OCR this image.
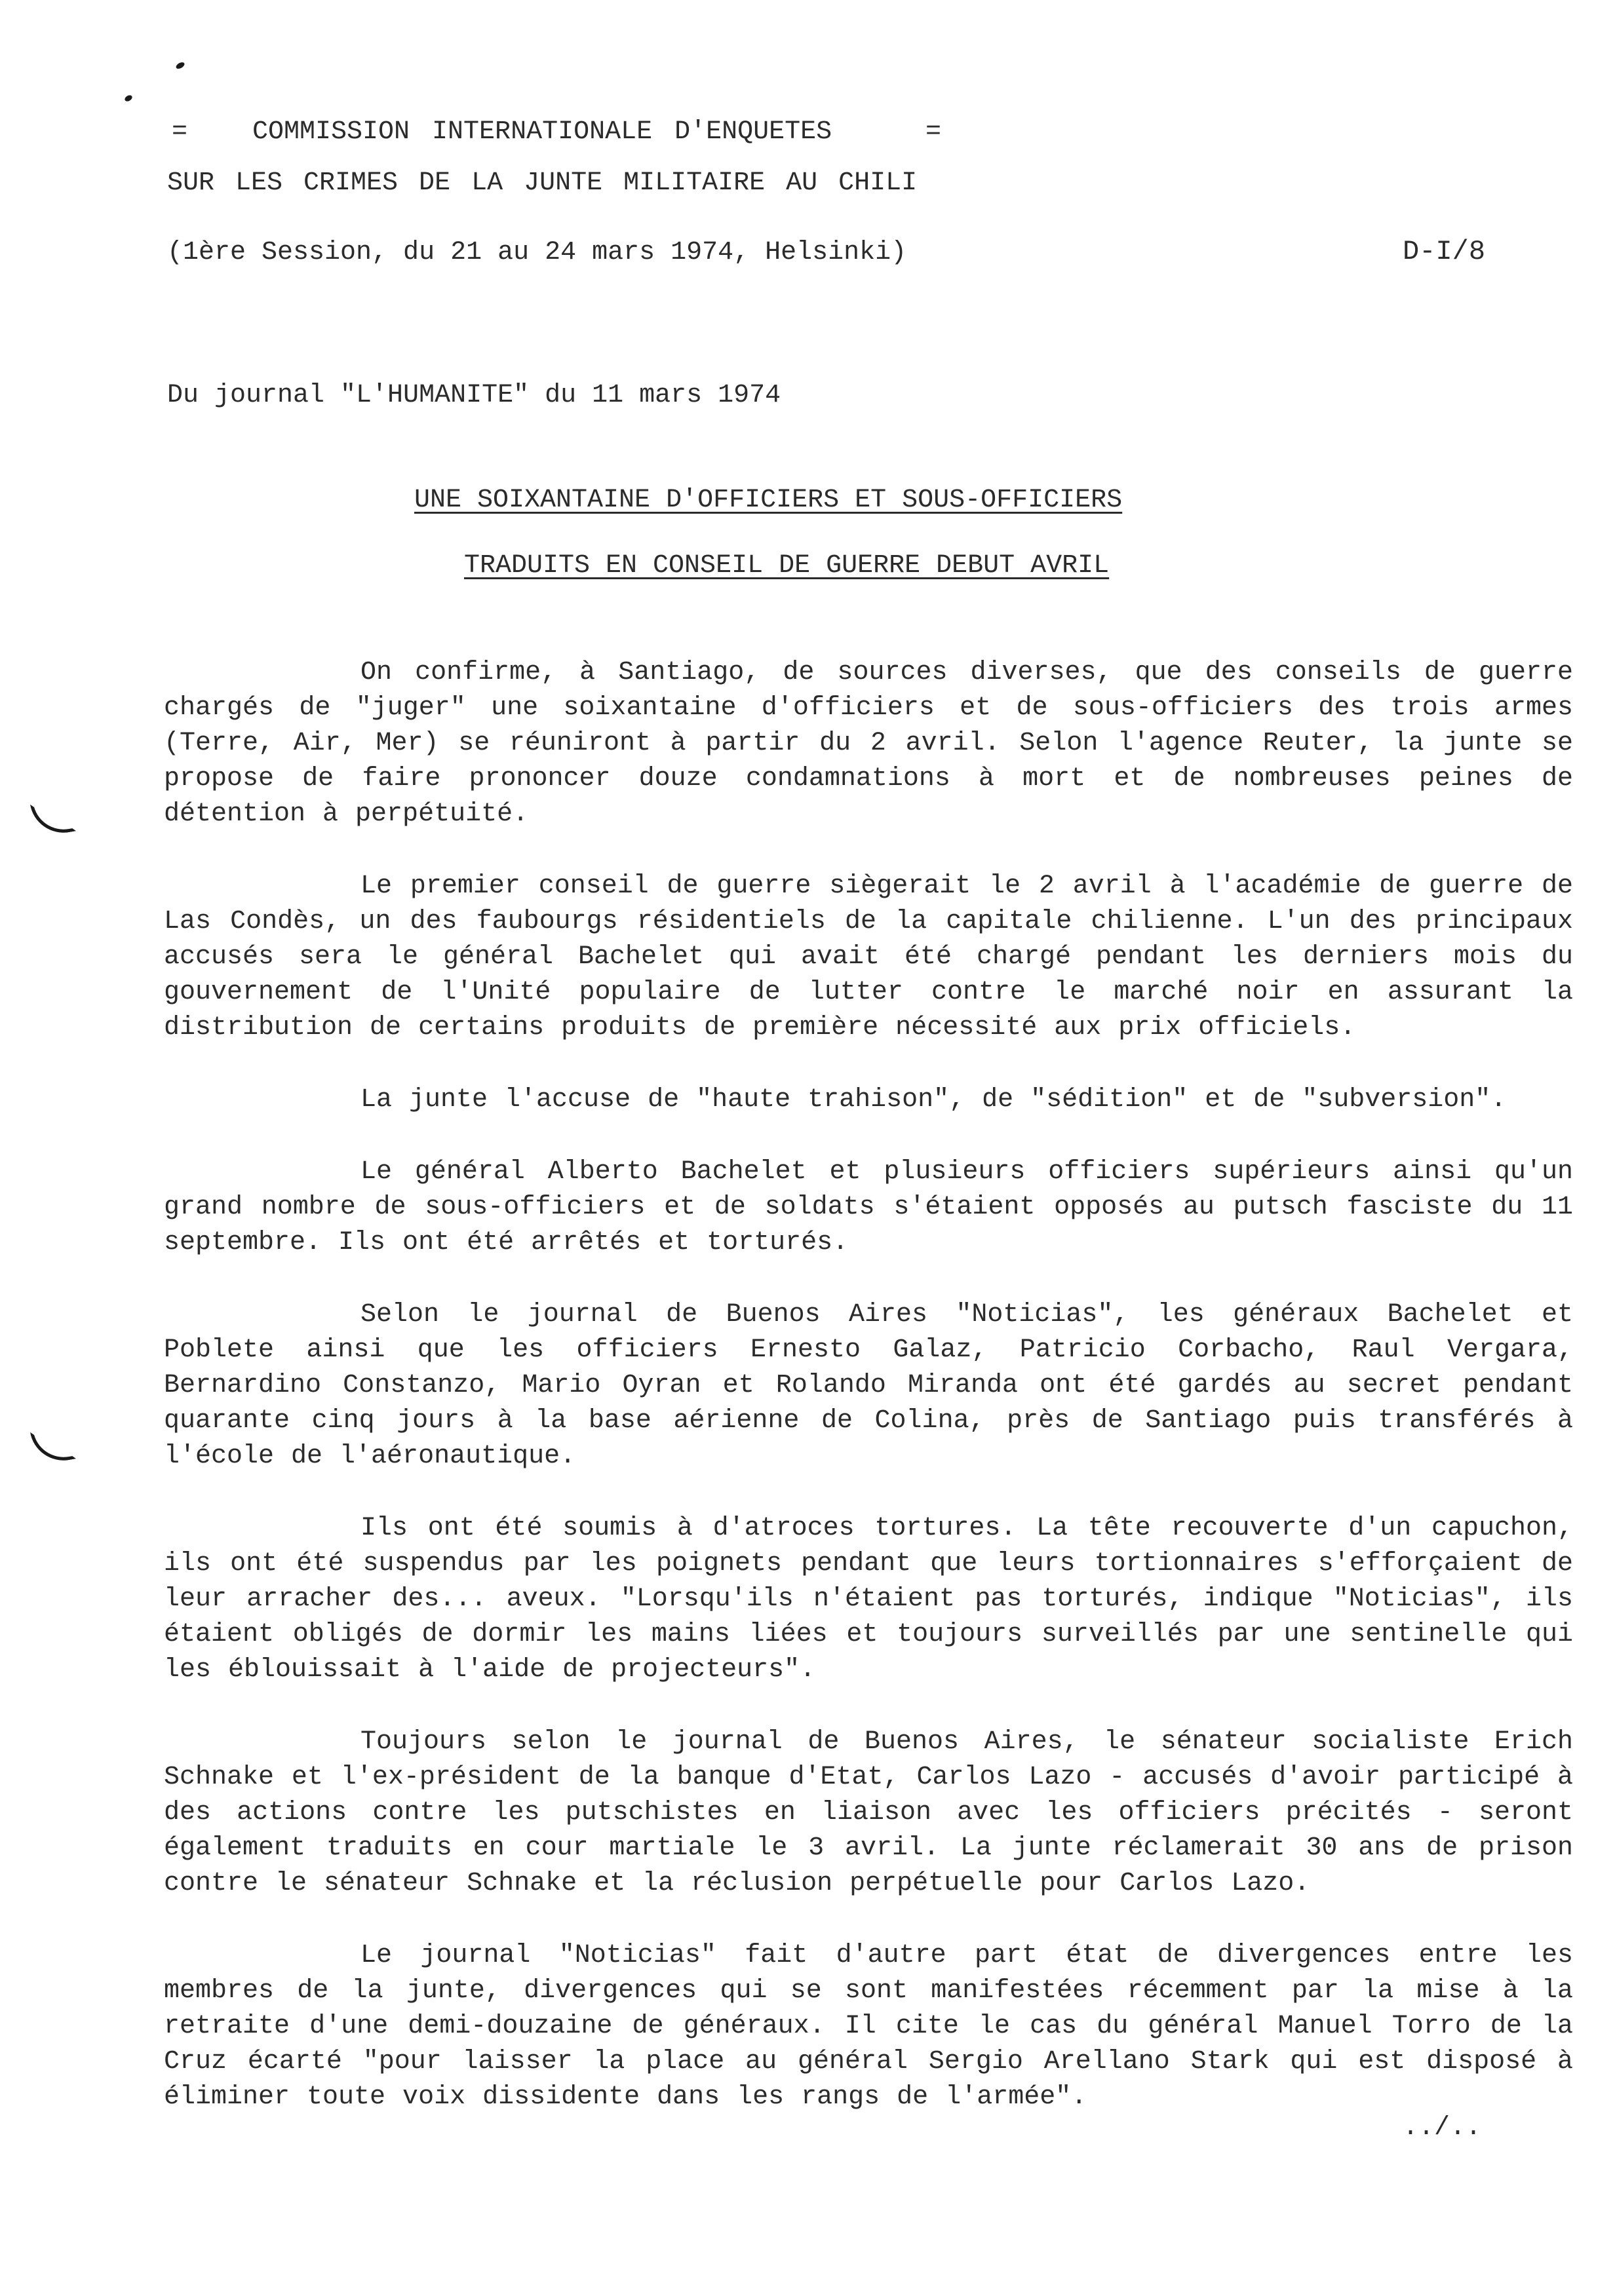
= COMMISSION INTERNATIONALE D'ENQUETES	=
SUR LES CRIMES DE LA JUNTE MILITAIRE AU CHILI
(1ère Session, du 21 au 24 mars 1974, Helsinki)	D-I/8
Du journal "L'HUMANITE" du 11 mars 1974
UNE SOIXANTAINE D'OFFICIERS ET SOUS-OFFICIERS
TRADUITS EN CONSEIL DE GUERRE DEBUT AVRIL

On confirme, à Santiago, de sources diverses, que des conseils de guerre chargés de "juger" une soixantaine d'officiers et de sous-officiers des trois armes (Terre, Air, Mer) se réuniront à partir du 2 avril. Selon l'agence Reuter, la junte se propose de faire prononcer douze condamnations à mort et de nombreuses peines de détention à perpétuité.

Le premier conseil de guerre siègerait le 2 avril à l'académie de guerre de Las Condès, un des faubourgs résidentiels de la capitale chilienne. L'un des principaux accusés sera le général Bachelet qui avait été chargé pendant les derniers mois du gouvernement de l'Unité populaire de lutter contre le marché noir en assurant la distribution de certains produits de première nécessité aux prix officiels.

La junte l'accuse de "haute trahison", de "sédition" et de "subversion".

Le général Alberto Bachelet et plusieurs officiers supérieurs ainsi qu'un grand nombre de sous-officiers et de soldats s'étaient opposés au putsch fasciste du 11 septembre. Ils ont été arrêtés et torturés.

Selon le journal de Buenos Aires "Noticias", les généraux Bachelet et Poblete ainsi que les officiers Ernesto Galaz, Patricio Corbacho, Raul Vergara, Bernardino Constanzo, Mario Oyran et Rolando Miranda ont été gardés au secret pendant quarante cinq jours à la base aérienne de Colina, près de Santiago puis transférés à l'école de l'aéronautique.

Ils ont été soumis à d'atroces tortures. La tête recouverte d'un capuchon, ils ont été suspendus par les poignets pendant que leurs tortionnaires s'efforçaient de leur arracher des... aveux. "Lorsqu'ils n'étaient pas torturés, indique "Noticias", ils étaient obligés de dormir les mains liées et toujours surveillés par une sentinelle qui les éblouissait à l'aide de projecteurs".

Toujours selon le journal de Buenos Aires, le sénateur socialiste Erich Schnake et l'ex-président de la banque d'Etat, Carlos Lazo - accusés d'avoir participé à des actions contre les putschistes en liaison avec les officiers précités - seront également traduits en cour martiale le 3 avril. La junte réclamerait 30 ans de prison contre le sénateur Schnake et la réclusion perpétuelle pour Carlos Lazo.

Le journal "Noticias" fait d'autre part état de divergences entre les membres de la junte, divergences qui se sont manifestées récemment par la mise à la retraite d'une demi-douzaine de généraux. Il cite le cas du général Manuel Torro de la Cruz écarté "pour laisser la place au général Sergio Arellano Stark qui est disposé à éliminer toute voix dissidente dans les rangs de l'armée".

../..
